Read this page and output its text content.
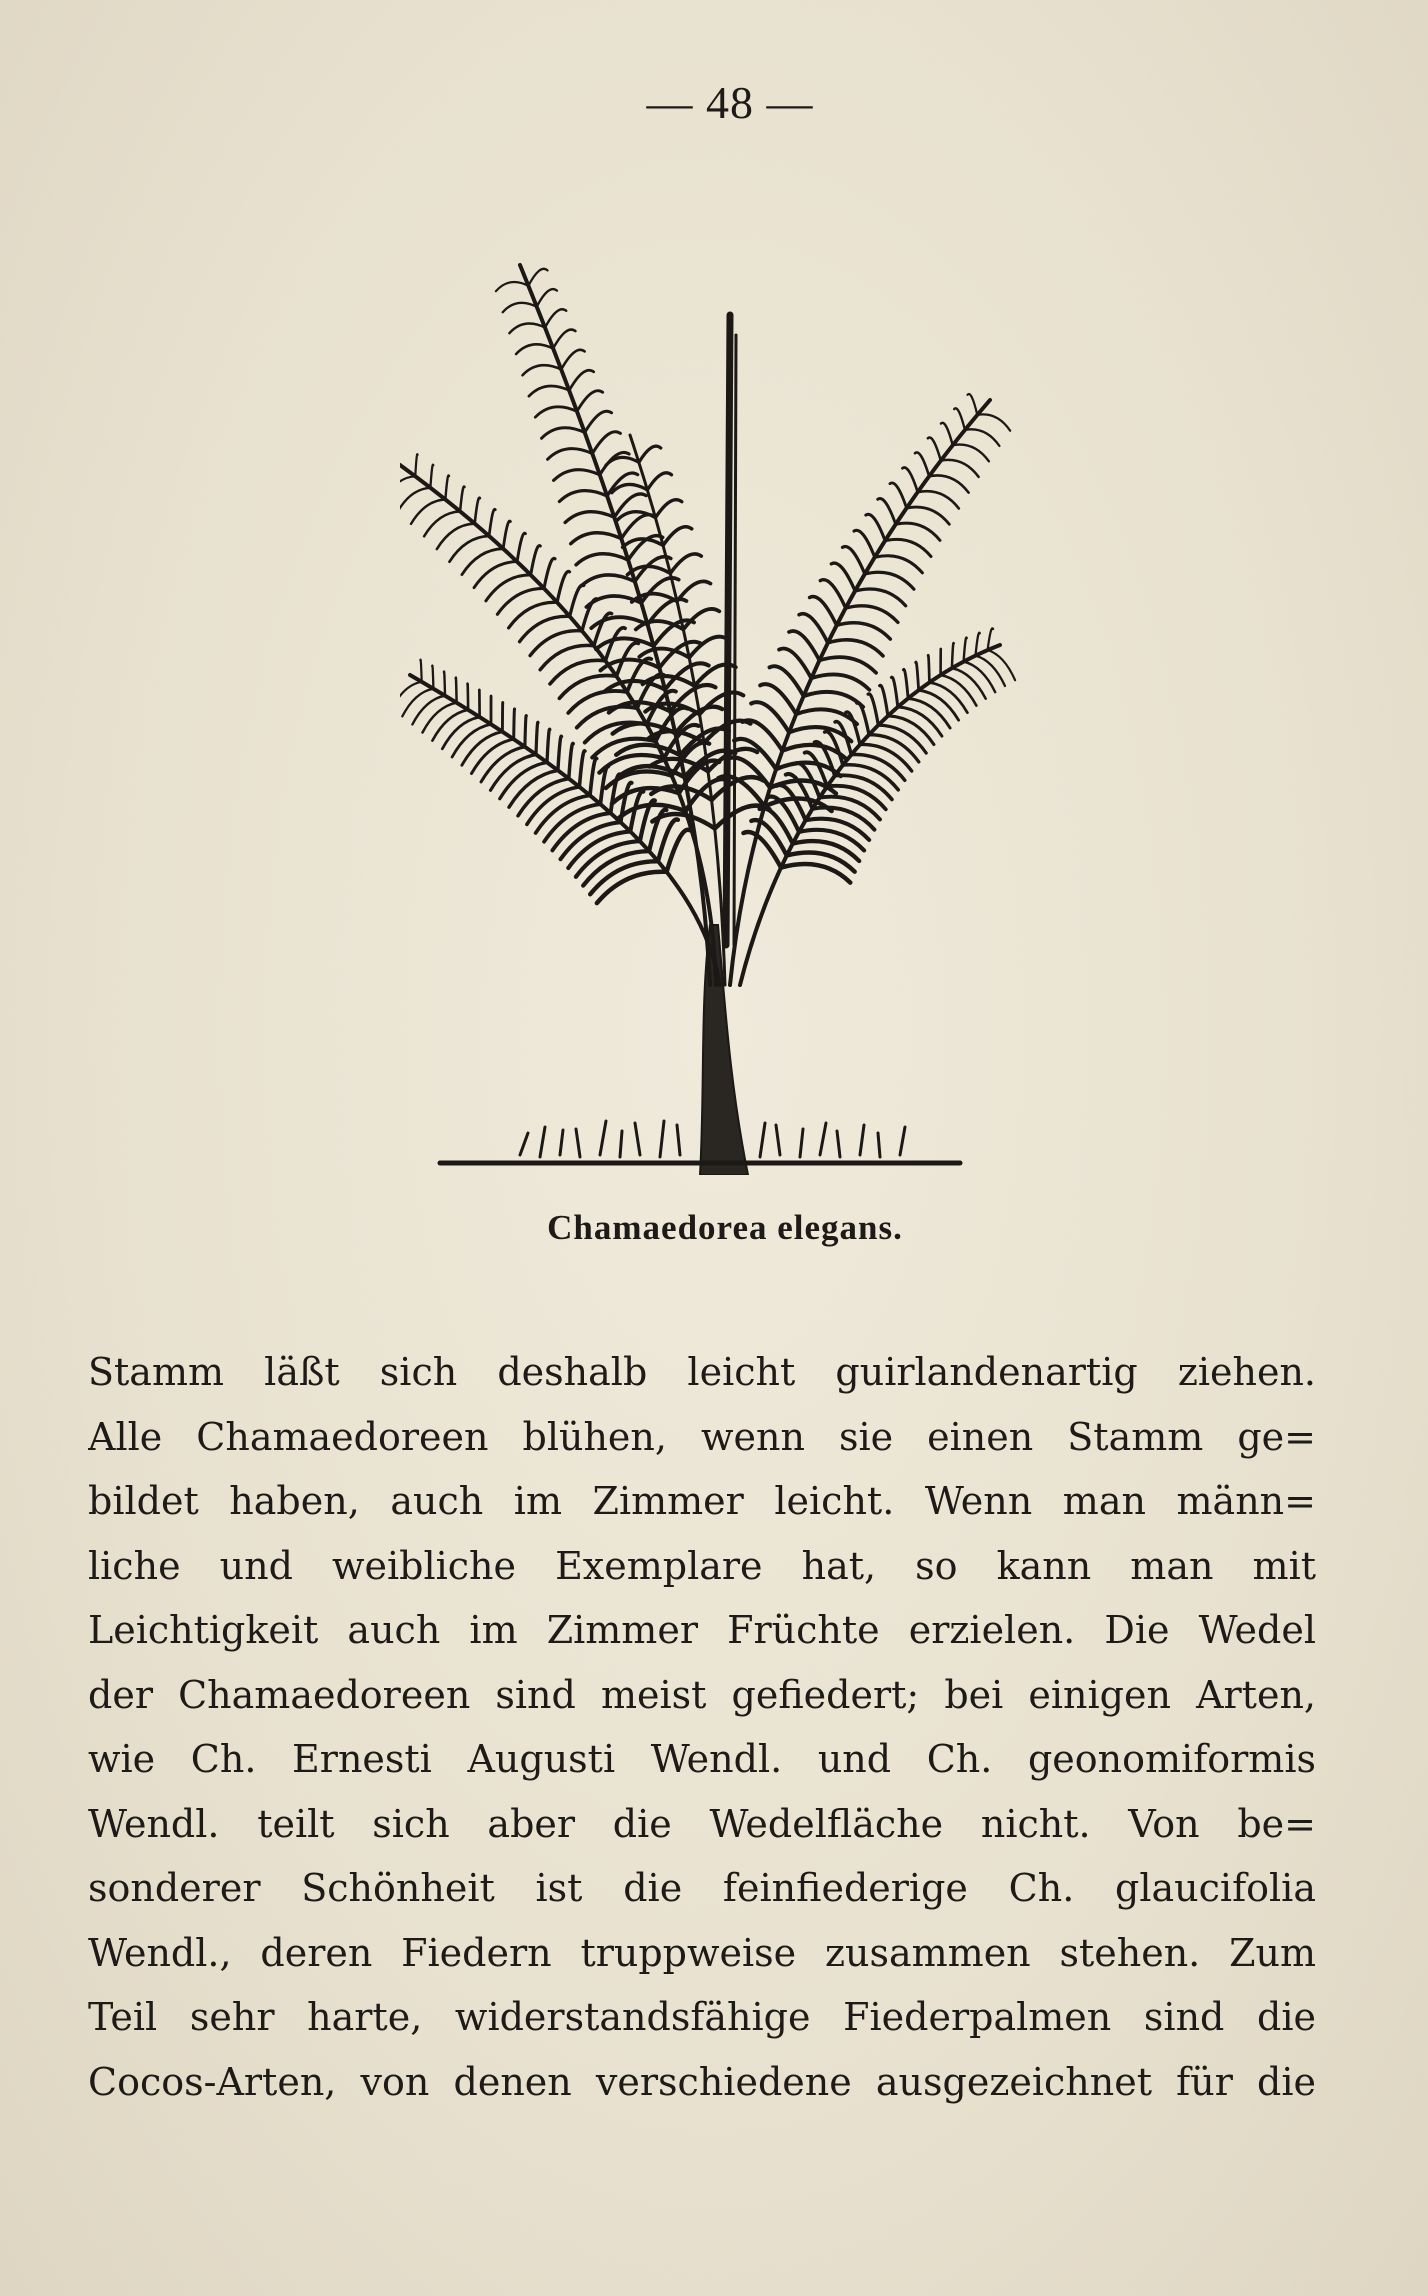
— 48 —
Chamaedorea elegans.
Stamm läßt sich deshalb leicht guirlandenartig ziehen.
Alle Chamaedoreen blühen, wenn sie einen Stamm ge=
bildet haben, auch im Zimmer leicht. Wenn man männ=
liche und weibliche Exemplare hat, so kann man mit
Leichtigkeit auch im Zimmer Früchte erzielen. Die Wedel
der Chamaedoreen sind meist gefiedert; bei einigen Arten,
wie Ch. Ernesti Augusti Wendl. und Ch. geonomiformis
Wendl. teilt sich aber die Wedelfläche nicht. Von be=
sonderer Schönheit ist die feinfiederige Ch. glaucifolia
Wendl., deren Fiedern truppweise zusammen stehen. Zum
Teil sehr harte, widerstandsfähige Fiederpalmen sind die
Cocos-Arten, von denen verschiedene ausgezeichnet für die
